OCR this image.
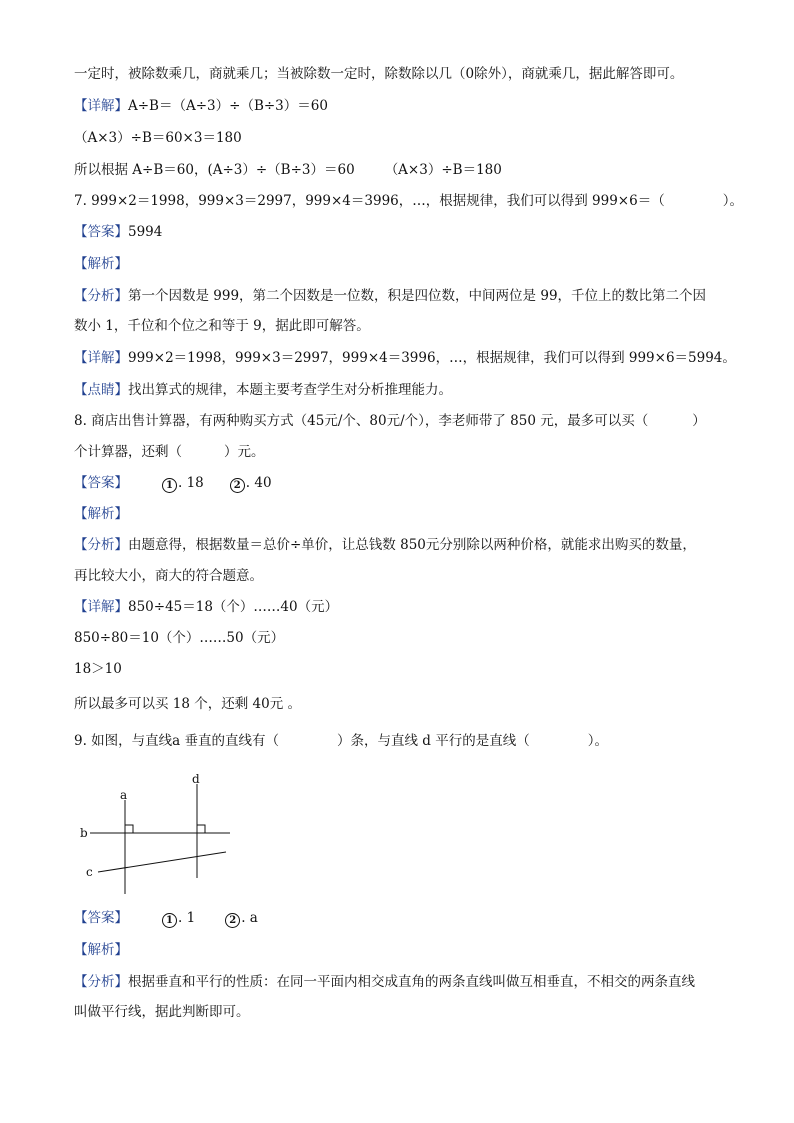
一定时，被除数乘几，商就乘几；当被除数一定时，除数除以几（0除外），商就乘几，据此解答即可。
【详解】A÷B＝（A÷3）÷（B÷3）＝60
（A×3）÷B＝60×3＝180
所以根据 A÷B＝60，(A÷3）÷（B÷3）＝60 （A×3）÷B＝180
7. 999×2＝1998，999×3＝2997，999×4＝3996，…，根据规律，我们可以得到 999×6＝（	）。
【答案】5994
【解析】
【分析】第一个因数是 999，第二个因数是一位数，积是四位数，中间两位是 99，千位上的数比第二个因
数小 1，千位和个位之和等于 9，据此即可解答。
【详解】999×2＝1998，999×3＝2997，999×4＝3996，…，根据规律，我们可以得到 999×6＝5994。
【点睛】找出算式的规律，本题主要考查学生对分析推理能力。
8. 商店出售计算器，有两种购买方式（45元/个、80元/个），李老师带了 850 元，最多可以买（	）
个计算器，还剩（	）元。
【答案】	1 . 18	2 . 40
【解析】
【分析】由题意得，根据数量＝总价÷单价，让总钱数 850元分别除以两种价格，就能求出购买的数量，
再比较大小，商大的符合题意。
【详解】850÷45＝18（个）……40（元）
850÷80＝10（个）……50（元）
18＞10
所以最多可以买 18 个，还剩 40元 。
9. 如图，与直线a 垂直的直线有（	）条，与直线 d 平行的是直线（	）。
a
d
b
c
【答案】	1 . 1	2 . a
【解析】
【分析】根据垂直和平行的性质：在同一平面内相交成直角的两条直线叫做互相垂直，不相交的两条直线
叫做平行线，据此判断即可。
